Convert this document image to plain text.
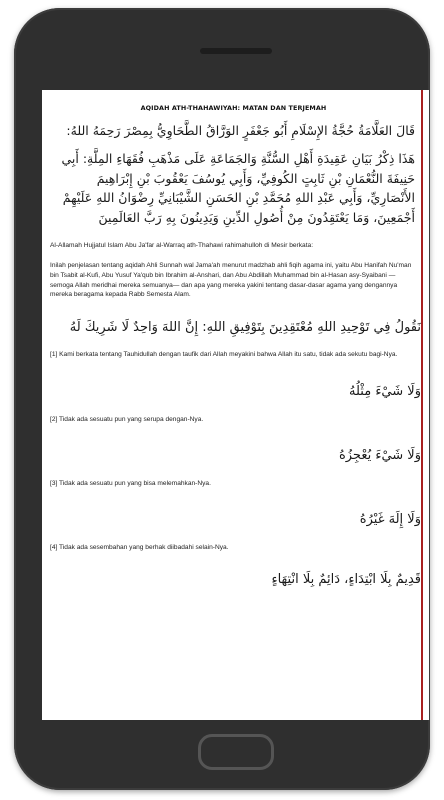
AQIDAH ATH-THAHAWIYAH: MATAN DAN TERJEMAH
قَالَ العَلَّامَةُ حُجَّةُ الإِسْلَامِ أَبُو جَعْفَرٍ الوَرَّاقُ الطَّحَاوِيُّ بِمِصْرَ رَحِمَهُ اللهُ:
هَذَا ذِكْرُ بَيَانِ عَقِيدَةِ أَهْلِ السُّنَّةِ وَالجَمَاعَةِ عَلَى مَذْهَبِ فُقَهَاءِ المِلَّةِ: أَبِي حَنِيفَةَ النُّعْمَانِ بْنِ ثَابِتٍ الكُوفِيِّ، وَأَبِي يُوسُفَ يَعْقُوبَ بْنِ إِبْرَاهِيمَ الأَنْصَارِيِّ، وَأَبِي عَبْدِ اللهِ مُحَمَّدِ بْنِ الحَسَنِ الشَّيْبَانِيِّ رِضْوَانُ اللهِ عَلَيْهِمْ أَجْمَعِينَ، وَمَا يَعْتَقِدُونَ مِنْ أُصُولِ الدِّينِ وَيَدِينُونَ بِهِ رَبَّ العَالَمِينَ
Al-Allamah Hujjatul Islam Abu Ja'far al-Warraq ath-Thahawi rahimahulloh di Mesir berkata:
Inilah penjelasan tentang aqidah Ahli Sunnah wal Jama'ah menurut madzhab ahli fiqih agama ini, yaitu Abu Hanifah Nu'man bin Tsabit al-Kufi, Abu Yusuf Ya'qub bin Ibrahim al-Anshari, dan Abu Abdillah Muhammad bin al-Hasan asy-Syaibani —semoga Allah meridhai mereka semuanya— dan apa yang mereka yakini tentang dasar-dasar agama yang dengannya mereka beragama kepada Rabb Semesta Alam.
نَقُولُ فِي تَوْحِيدِ اللهِ مُعْتَقِدِينَ بِتَوْفِيقِ اللهِ: إِنَّ اللهَ وَاحِدٌ لَا شَرِيكَ لَهُ
[1] Kami berkata tentang Tauhidullah dengan taufik dari Allah meyakini bahwa Allah itu satu, tidak ada sekutu bagi-Nya.
وَلَا شَيْءَ مِثْلُهُ
[2] Tidak ada sesuatu pun yang serupa dengan-Nya.
وَلَا شَيْءَ يُعْجِزُهُ
[3] Tidak ada sesuatu pun yang bisa melemahkan-Nya.
وَلَا إِلَهَ غَيْرُهُ
[4] Tidak ada sesembahan yang berhak diibadahi selain-Nya.
قَدِيمٌ بِلَا ابْتِدَاءٍ، دَائِمٌ بِلَا انْتِهَاءٍ
